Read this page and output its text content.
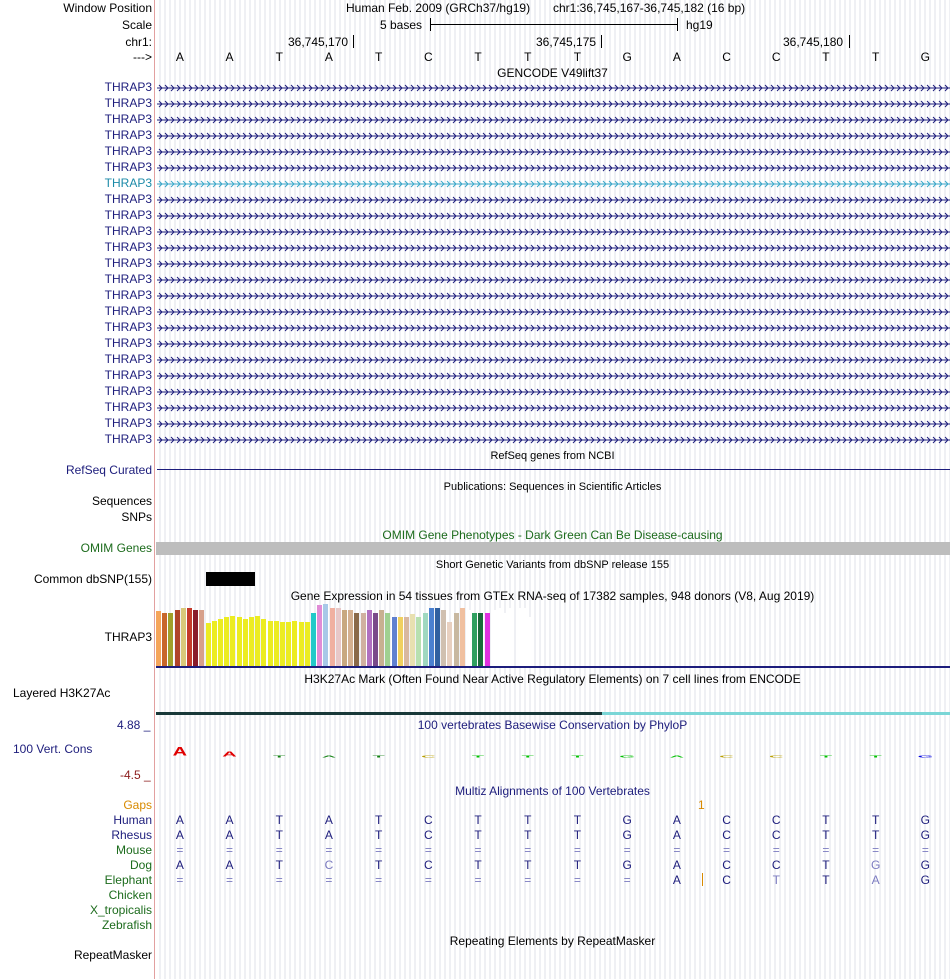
Window Position	Human Feb. 2009 (GRCh37/hg19) chr1:36,745,167-36,745,182 (16 bp)
Scale	5 bases	hg19
chr1:	36,745,170	36,745,175	36,745,180
--->	A	A	T	A	T	C	T	T	T	G	A	C	C	T	T	G
GENCODE V49lift37
THRAP3
THRAP3
THRAP3
THRAP3
THRAP3
THRAP3
THRAP3
THRAP3
THRAP3
THRAP3
THRAP3
THRAP3
THRAP3
THRAP3
THRAP3
THRAP3
THRAP3
THRAP3
THRAP3
THRAP3
THRAP3
THRAP3
THRAP3
RefSeq genes from NCBI
RefSeq Curated
Publications: Sequences in Scientific Articles
Sequences
SNPs
OMIM Gene Phenotypes - Dark Green Can Be Disease-causing
OMIM Genes
Short Genetic Variants from dbSNP release 155
Common dbSNP(155)
Gene Expression in 54 tissues from GTEx RNA-seq of 17382 samples, 948 donors (V8, Aug 2019)
THRAP3
H3K27Ac Mark (Often Found Near Active Regulatory Elements) on 7 cell lines from ENCODE
Layered H3K27Ac
4.88 _	100 vertebrates Basewise Conservation by PhyloP
100 Vert. Cons
-4.5 _
A	A	T	A	T	C	T	T	T	G	A	C	C	T	T	G
Multiz Alignments of 100 Vertebrates
Gaps	1
Human	A	A	T	A	T	C	T	T	T	G	A	C	C	T	T	G
Rhesus	A	A	T	A	T	C	T	T	T	G	A	C	C	T	T	G
Mouse	=	=	=	=	=	=	=	=	=	=	=	=	=	=	=	=
Dog	A	A	T	C	T	C	T	T	T	G	A	C	C	T	G	G
Elephant	=	=	=	=	=	=	=	=	=	=	A	C	T	T	A	G
Chicken
X_tropicalis
Zebrafish
Repeating Elements by RepeatMasker
RepeatMasker
